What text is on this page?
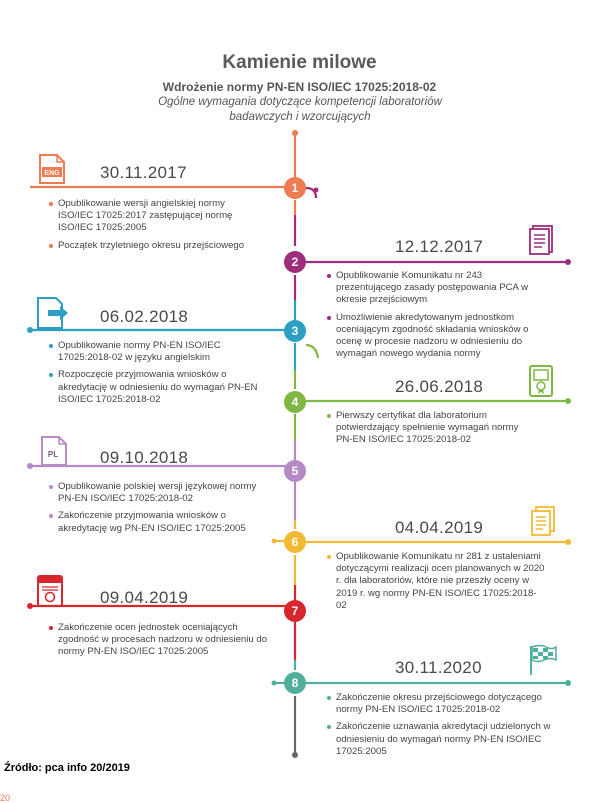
Kamienie milowe
Wdrożenie normy PN-EN ISO/IEC 17025:2018-02
Ogólne wymagania dotyczące kompetencji laboratoriów badawczych i wzorcujących
1
2
3
4
5
6
7
8
30.11.2017
12.12.2017
06.02.2018
26.06.2018
09.10.2018
04.04.2019
09.04.2019
30.11.2020
ENG
PL
Opublikowanie wersji angielskiej normy ISO/IEC 17025:2017 zastępującej normę ISO/IEC 17025:2005
Początek trzyletniego okresu przejściowego
Opublikowanie Komunikatu nr 243 prezentującego zasady postępowania PCA w okresie przejściowym
Umożliwienie akredytowanym jednostkom oceniającym zgodność składania wniosków o ocenę w procesie nadzoru w odniesieniu do wymagań nowego wydania normy
Opublikowanie normy PN-EN ISO/IEC 17025:2018-02 w języku angielskim
Rozpoczęcie przyjmowania wniosków o akredytację w odniesieniu do wymagań PN-EN ISO/IEC 17025:2018-02
Pierwszy certyfikat dla laboratorium potwierdzający spełnienie wymagań normy PN-EN ISO/IEC 17025:2018-02
Opublikowanie polskiej wersji językowej normy PN-EN ISO/IEC 17025:2018-02
Zakończenie przyjmowania wniosków o akredytację wg PN-EN ISO/IEC 17025:2005
Opublikowanie Komunikatu nr 281 z ustaleniami dotyczącymi realizacji ocen planowanych w 2020 r. dla laboratoriów, które nie przeszły oceny w 2019 r. wg normy PN-EN ISO/IEC 17025:2018-02
Zakończenie ocen jednostek oceniających zgodność w procesach nadzoru w odniesieniu do normy PN-EN ISO/IEC 17025:2005
Zakończenie okresu przejściowego dotyczącego normy PN-EN ISO/IEC 17025:2018-02
Zakończenie uznawania akredytacji udzielonych w odniesieniu do wymagań normy PN-EN ISO/IEC 17025:2005
Źródło: pca info 20/2019
20
